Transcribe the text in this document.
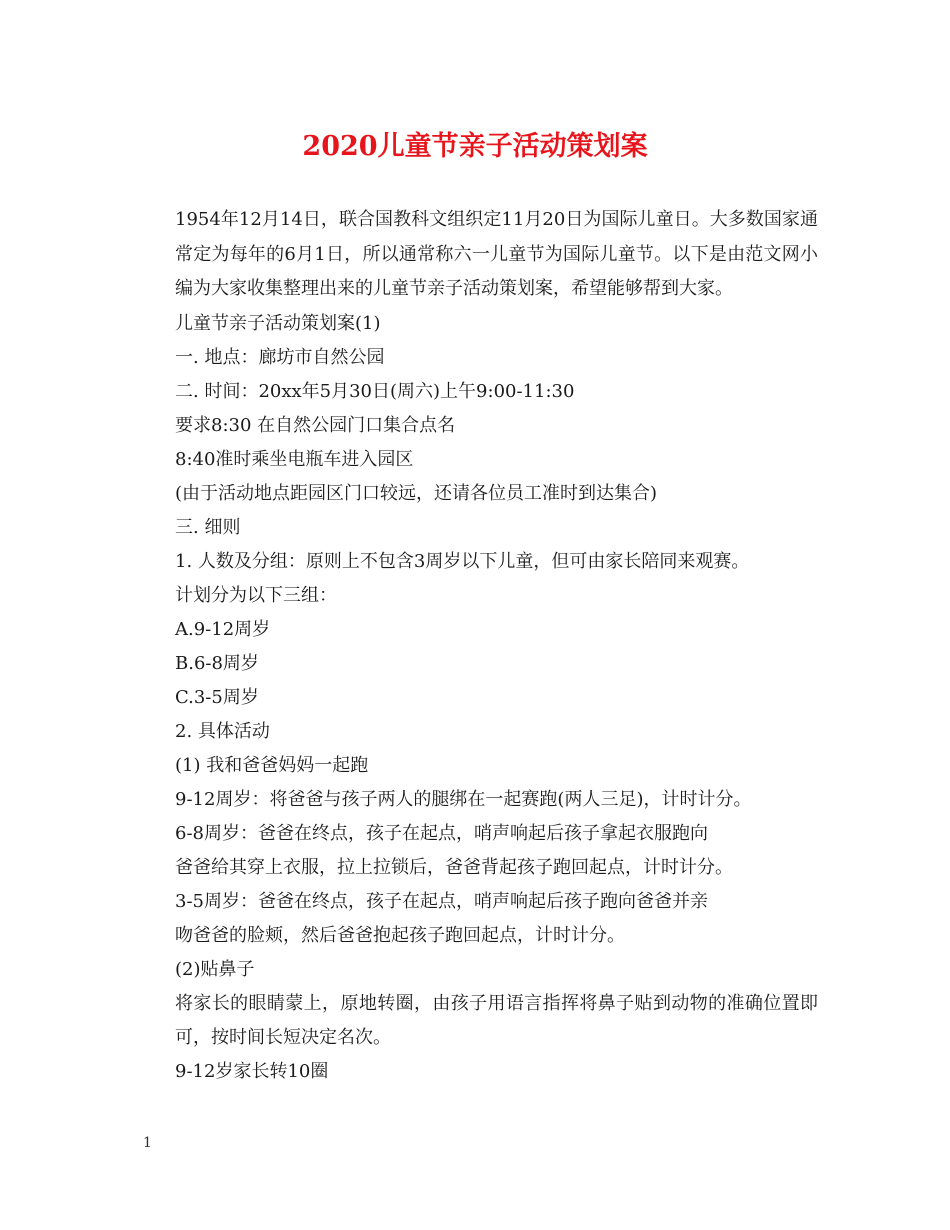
2020儿童节亲子活动策划案

1954年12月14日，联合国教科文组织定11月20日为国际儿童日。大多数国家通常定为每年的6月1日，所以通常称六一儿童节为国际儿童节。以下是由范文网小编为大家收集整理出来的儿童节亲子活动策划案，希望能够帮到大家。

儿童节亲子活动策划案(1)

一. 地点：廊坊市自然公园

二. 时间：20xx年5月30日(周六)上午9:00-11:30

要求8:30 在自然公园门口集合点名

8:40准时乘坐电瓶车进入园区

(由于活动地点距园区门口较远，还请各位员工准时到达集合)

三. 细则

1. 人数及分组：原则上不包含3周岁以下儿童，但可由家长陪同来观赛。

计划分为以下三组：

A.9-12周岁

B.6-8周岁

C.3-5周岁

2. 具体活动

(1) 我和爸爸妈妈一起跑

9-12周岁：将爸爸与孩子两人的腿绑在一起赛跑(两人三足)，计时计分。

6-8周岁：爸爸在终点，孩子在起点，哨声响起后孩子拿起衣服跑向

爸爸给其穿上衣服，拉上拉锁后，爸爸背起孩子跑回起点，计时计分。

3-5周岁：爸爸在终点，孩子在起点，哨声响起后孩子跑向爸爸并亲

吻爸爸的脸颊，然后爸爸抱起孩子跑回起点，计时计分。

(2)贴鼻子

将家长的眼睛蒙上，原地转圈，由孩子用语言指挥将鼻子贴到动物的准确位置即可，按时间长短决定名次。

9-12岁家长转10圈

1
